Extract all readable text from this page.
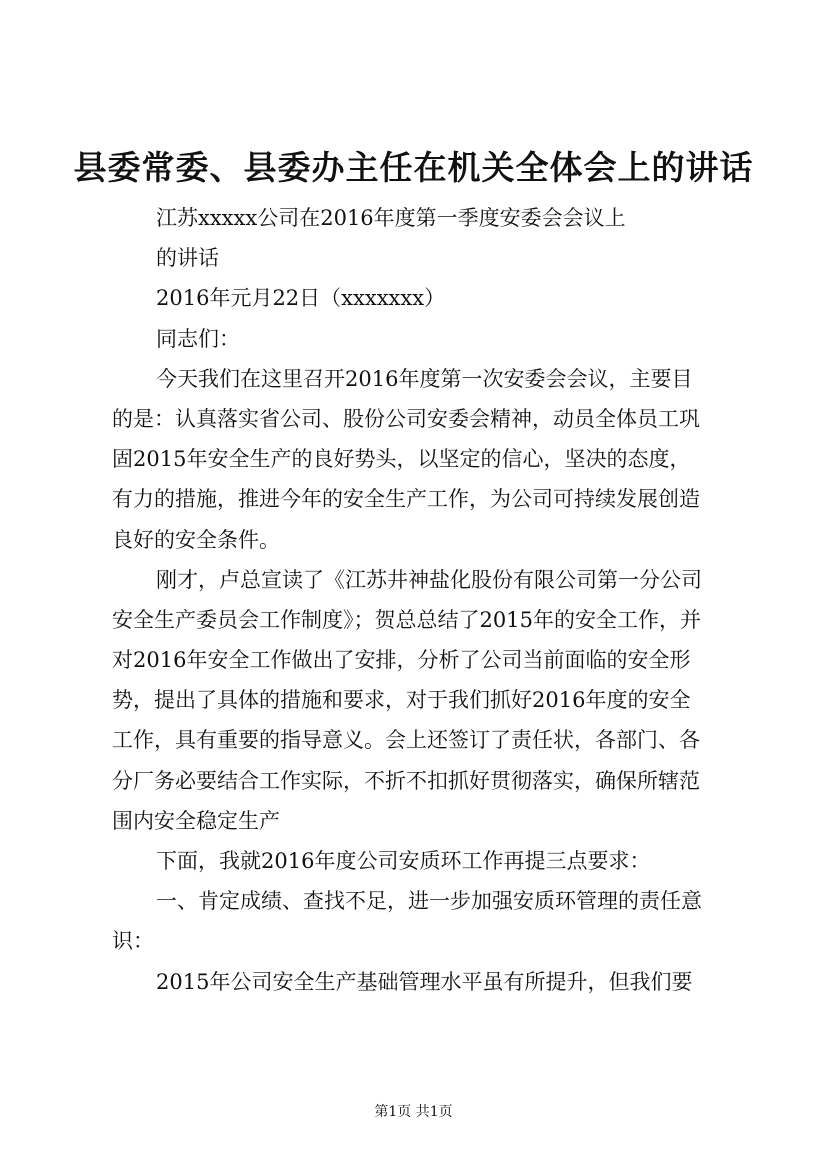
县委常委、县委办主任在机关全体会上的讲话
江苏xxxxx公司在2016年度第一季度安委会会议上
的讲话
2016年元月22日（xxxxxxx）
同志们：
今天我们在这里召开2016年度第一次安委会会议，主要目
的是：认真落实省公司、股份公司安委会精神，动员全体员工巩
固2015年安全生产的良好势头，以坚定的信心，坚决的态度，
有力的措施，推进今年的安全生产工作，为公司可持续发展创造
良好的安全条件。
刚才，卢总宣读了《江苏井神盐化股份有限公司第一分公司
安全生产委员会工作制度》；贺总总结了2015年的安全工作，并
对2016年安全工作做出了安排，分析了公司当前面临的安全形
势，提出了具体的措施和要求，对于我们抓好2016年度的安全
工作，具有重要的指导意义。会上还签订了责任状，各部门、各
分厂务必要结合工作实际，不折不扣抓好贯彻落实，确保所辖范
围内安全稳定生产
下面，我就2016年度公司安质环工作再提三点要求：
一、肯定成绩、查找不足，进一步加强安质环管理的责任意
识：
2015年公司安全生产基础管理水平虽有所提升，但我们要
第1页 共1页
